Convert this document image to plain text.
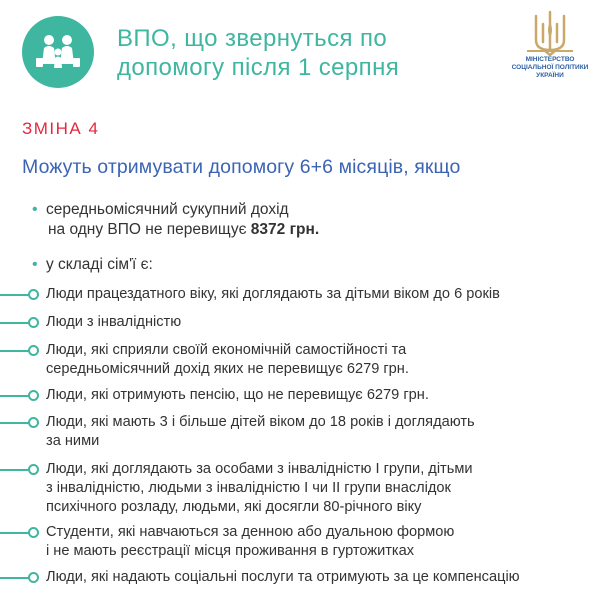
ВПО, що звернуться по
допомогу після 1 серпня	МІНІСТЕРСТВО
СОЦІАЛЬНОЇ ПОЛІТИКИ
УКРАЇНИ
ЗМІНА 4
Можуть отримувати допомогу 6+6 місяців, якщо
• середньомісячний сукупний дохід
на одну ВПО не перевищує 8372 грн.
• у складі сім'ї є:
Люди працездатного віку, які доглядають за дітьми віком до 6 років
Люди з інвалідністю
Люди, які сприяли своїй економічній самостійності та
середньомісячний дохід яких не перевищує 6279 грн.
Люди, які отримують пенсію, що не перевищує 6279 грн.
Люди, які мають 3 і більше дітей віком до 18 років і доглядають
за ними
Люди, які доглядають за особами з інвалідністю I групи, дітьми
з інвалідністю, людьми з інвалідністю I чи II групи внаслідок
психічного розладу, людьми, які досягли 80-річного віку
Студенти, які навчаються за денною або дуальною формою
і не мають реєстрації місця проживання в гуртожитках
Люди, які надають соціальні послуги та отримують за це компенсацію
